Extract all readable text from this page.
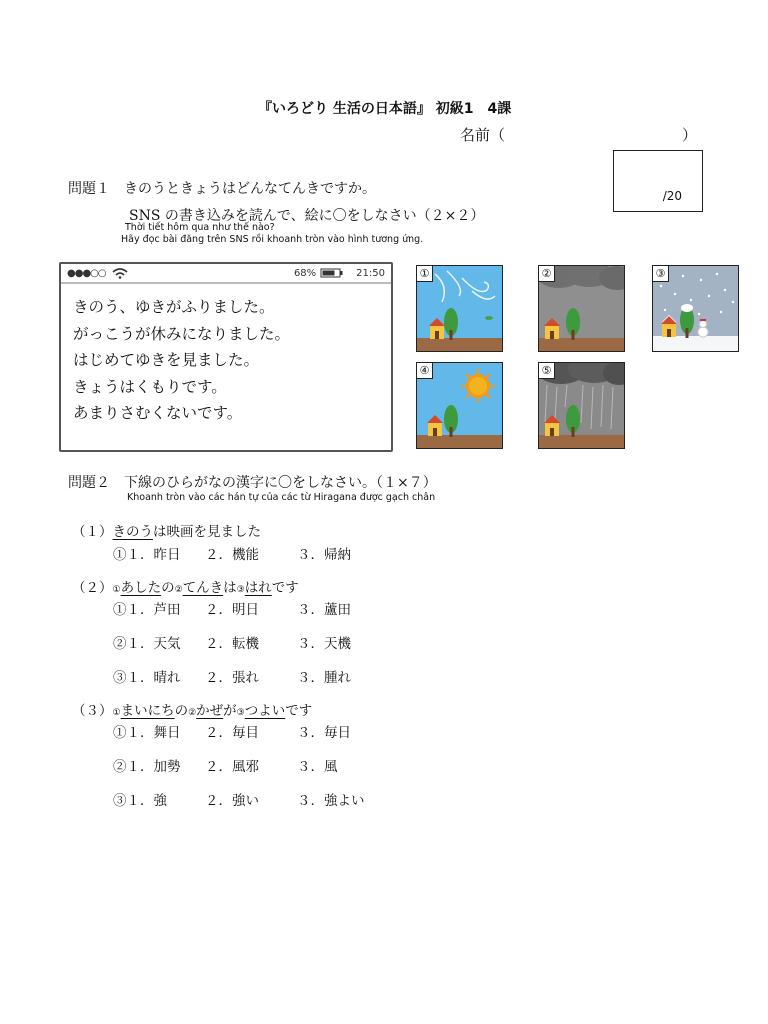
『いろどり 生活の日本語』 初級1　4課
名前（	）
/20
問題１　きのうときょうはどんなてんきですか。
SNS の書き込みを読んで、絵に〇をしなさい（２×２）
Thời tiết hôm qua như thế nào?
Hãy đọc bài đăng trên SNS rồi khoanh tròn vào hình tương ứng.
●●●○○	68%	21:50
きのう、ゆきがふりました。
がっこうが休みになりました。
はじめてゆきを見ました。
きょうはくもりです。
あまりさむくないです。
①	②	③
④	⑤
問題２　下線のひらがなの漢字に〇をしなさい。（１×７）
Khoanh tròn vào các hán tự của các từ Hiragana được gạch chân
（１）きのうは映画を見ました
①１．昨日 ２．機能	３．帰納
（２）①あしたの②てんきは③はれです
①１．芦田 ２．明日	３．蘆田
②１．天気 ２．転機	３．天機
③１．晴れ ２．張れ	３．腫れ
（３）①まいにちの②かぜが③つよいです
①１．舞日 ２．毎目	３．毎日
②１．加勢 ２．風邪	３．風
③１．強	２．強い	３．強よい
